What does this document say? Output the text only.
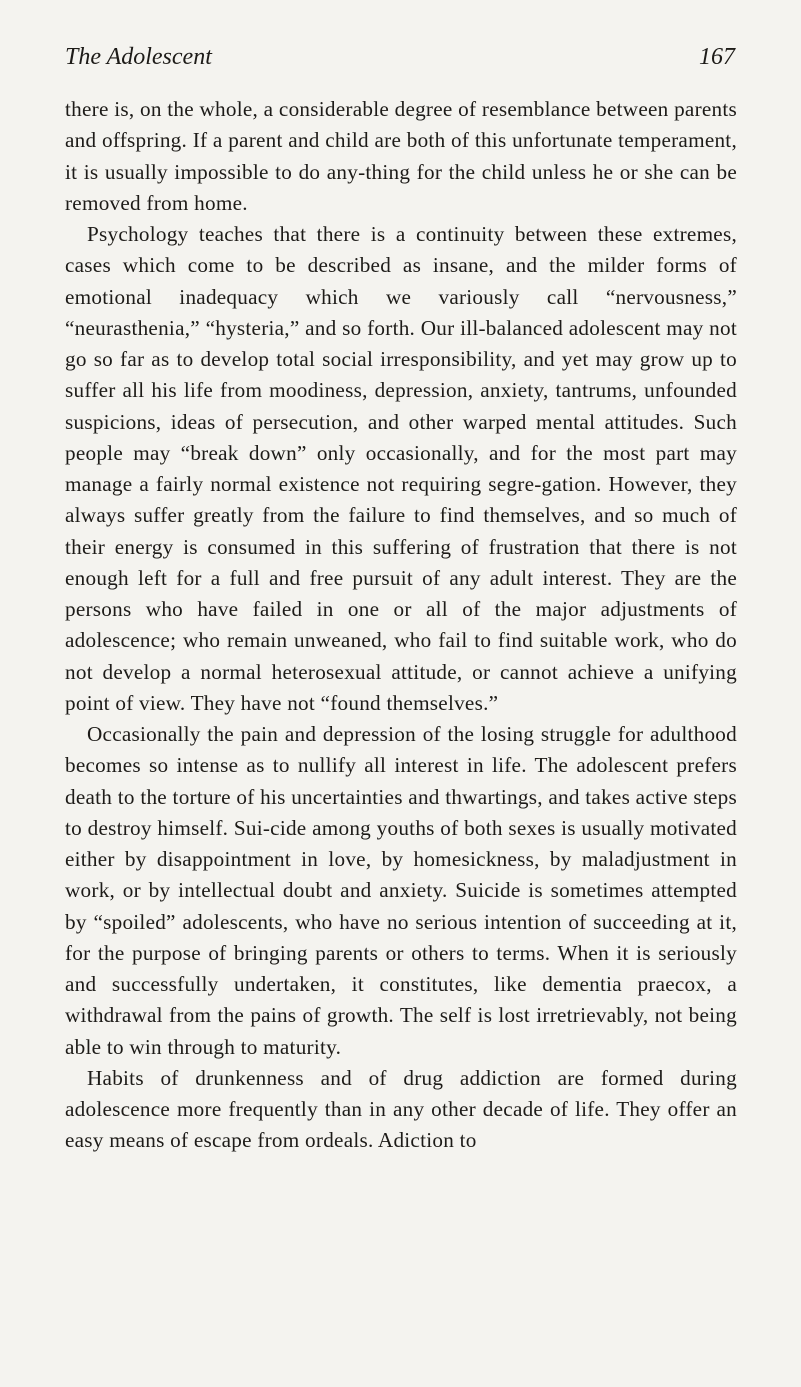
The Adolescent	167

there is, on the whole, a considerable degree of resemblance between parents and offspring. If a parent and child are both of this unfortunate temperament, it is usually impossible to do any-thing for the child unless he or she can be removed from home.

Psychology teaches that there is a continuity between these extremes, cases which come to be described as insane, and the milder forms of emotional inadequacy which we variously call “nervousness,” “neurasthenia,” “hysteria,” and so forth. Our ill-balanced adolescent may not go so far as to develop total social irresponsibility, and yet may grow up to suffer all his life from moodiness, depression, anxiety, tantrums, unfounded suspicions, ideas of persecution, and other warped mental attitudes. Such people may “break down” only occasionally, and for the most part may manage a fairly normal existence not requiring segre-gation. However, they always suffer greatly from the failure to find themselves, and so much of their energy is consumed in this suffering of frustration that there is not enough left for a full and free pursuit of any adult interest. They are the persons who have failed in one or all of the major adjustments of adolescence; who remain unweaned, who fail to find suitable work, who do not develop a normal heterosexual attitude, or cannot achieve a unifying point of view. They have not “found themselves.”

Occasionally the pain and depression of the losing struggle for adulthood becomes so intense as to nullify all interest in life. The adolescent prefers death to the torture of his uncertainties and thwartings, and takes active steps to destroy himself. Sui-cide among youths of both sexes is usually motivated either by disappointment in love, by homesickness, by maladjustment in work, or by intellectual doubt and anxiety. Suicide is sometimes attempted by “spoiled” adolescents, who have no serious intention of succeeding at it, for the purpose of bringing parents or others to terms. When it is seriously and successfully undertaken, it constitutes, like dementia praecox, a withdrawal from the pains of growth. The self is lost irretrievably, not being able to win through to maturity.

Habits of drunkenness and of drug addiction are formed during adolescence more frequently than in any other decade of life. They offer an easy means of escape from ordeals. Adiction to
